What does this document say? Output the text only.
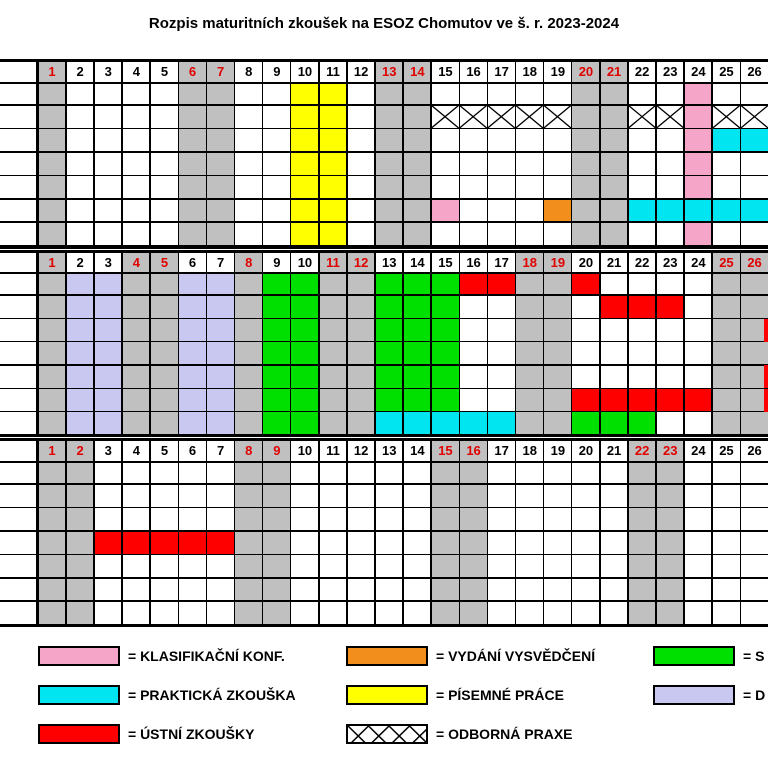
Rozpis maturitních zkoušek na ESOZ Chomutov ve š. r. 2023-2024
1	2	3	4	5	6	7	8	9	10	11	12	13	14	15	16	17	18	19	20	21	22	23	24	25	26
1	2	3	4	5	6	7	8	9	10	11	12	13	14	15	16	17	18	19	20	21	22	23	24	25	26
1	2	3	4	5	6	7	8	9	10	11	12	13	14	15	16	17	18	19	20	21	22	23	24	25	26
= KLASIFIKAČNÍ KONF.	= VYDÁNÍ VYSVĚDČENÍ	= S
= PRAKTICKÁ ZKOUŠKA	= PÍSEMNÉ PRÁCE	= D
= ÚSTNÍ ZKOUŠKY	= ODBORNÁ PRAXE
